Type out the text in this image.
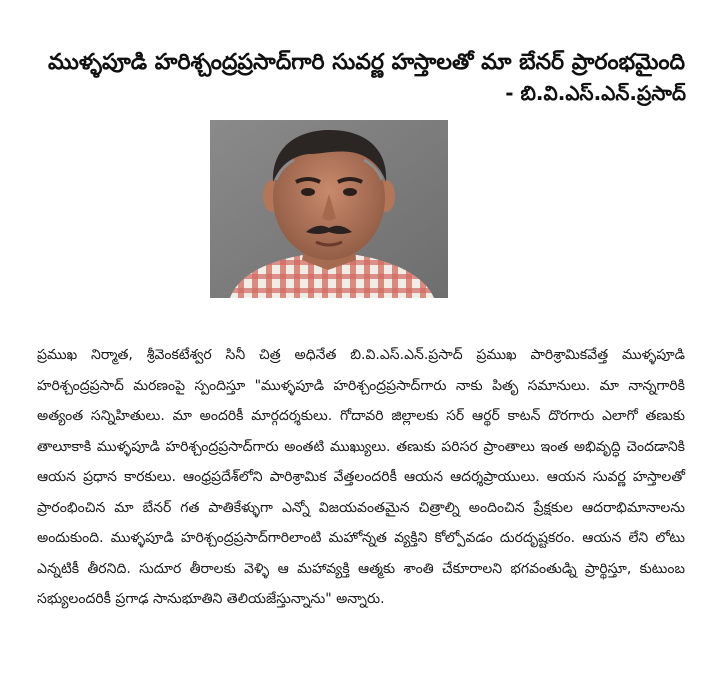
ముళ్ళపూడి హరిశ్చంద్రప్రసాద్‌గారి సువర్ణ హస్తాలతో మా బేనర్ ప్రారంభమైంది
- బి.వి.ఎస్.ఎన్.ప్రసాద్
ప్రముఖ నిర్మాత, శ్రీవెంకటేశ్వర సినీ చిత్ర అధినేత బి.వి.ఎస్.ఎన్.ప్రసాద్ ప్రముఖ పారిశ్రామికవేత్త ముళ్ళపూడి హరిశ్చంద్రప్రసాద్ మరణంపై స్పందిస్తూ "ముళ్ళపూడి హరిశ్చంద్రప్రసాద్‌గారు నాకు పితృ సమానులు. మా నాన్నగారికి అత్యంత సన్నిహితులు. మా అందరికీ మార్గదర్శకులు. గోదావరి జిల్లాలకు సర్ ఆర్థర్ కాటన్ దొరగారు ఎలాగో తణుకు తాలూకాకి ముళ్ళపూడి హరిశ్చంద్రప్రసాద్‌గారు అంతటి ముఖ్యులు. తణుకు పరిసర ప్రాంతాలు ఇంత అభివృద్ధి చెందడానికి ఆయన ప్రధాన కారకులు. ఆంధ్రప్రదేశ్‌లోని పారిశ్రామిక వేత్తలందరికీ ఆయన ఆదర్శప్రాయులు. ఆయన సువర్ణ హస్తాలతో ప్రారంభించిన మా బేనర్ గత పాతికేళ్ళుగా ఎన్నో విజయవంతమైన చిత్రాల్ని అందించిన ప్రేక్షకుల ఆదరాభిమానాలను అందుకుంది. ముళ్ళపూడి హరిశ్చంద్రప్రసాద్‌గారిలాంటి మహోన్నత వ్యక్తిని కోల్పోవడం దురదృష్టకరం. ఆయన లేని లోటు ఎన్నటికీ తీరనిది. సుదూర తీరాలకు వెళ్ళి ఆ మహావ్యక్తి ఆత్మకు శాంతి చేకూరాలని భగవంతుడ్ని ప్రార్థిస్తూ, కుటుంబ సభ్యులందరికీ ప్రగాఢ సానుభూతిని తెలియజేస్తున్నాను" అన్నారు.
